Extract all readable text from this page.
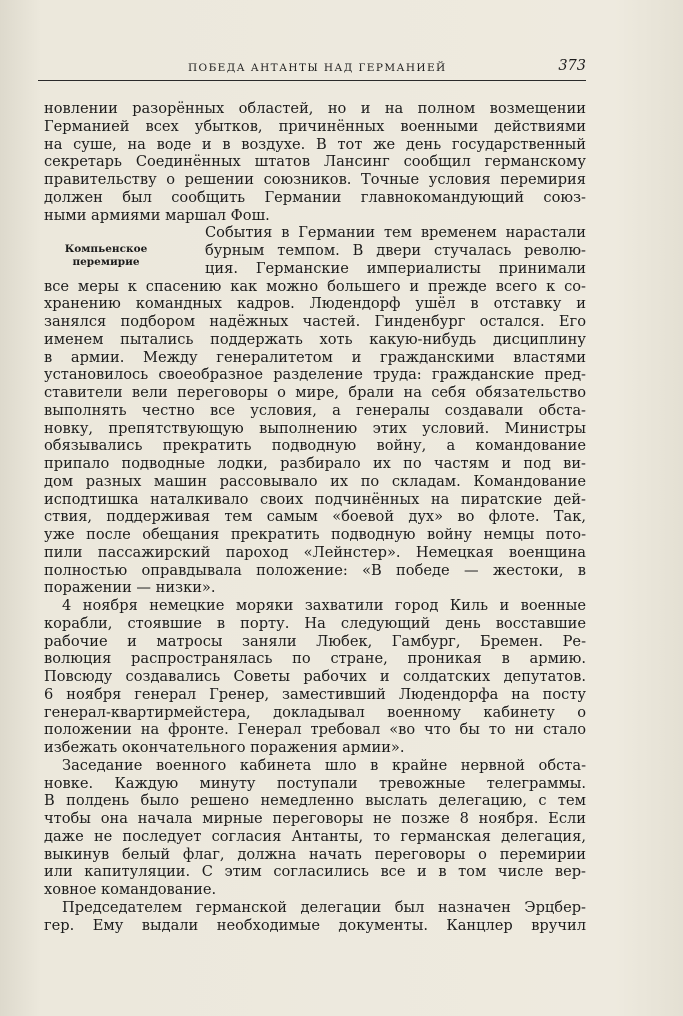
ПОБЕДА АНТАНТЫ НАД ГЕРМАНИЕЙ	373
Компьенское
перемирие
новлении разорённых областей, но и на полном возмещении
Германией всех убытков, причинённых военными действиями
на суше, на воде и в воздухе. В тот же день государственный
секретарь Соединённых штатов Лансинг сообщил германскому
правительству о решении союзников. Точные условия перемирия
должен был сообщить Германии главнокомандующий союз-
ными армиями маршал Фош.
События в Германии тем временем нарастали
бурным темпом. В двери стучалась револю-
ция. Германские империалисты принимали
все меры к спасению как можно большего и прежде всего к со-
хранению командных кадров. Людендорф ушёл в отставку и
занялся подбором надёжных частей. Гинденбург остался. Его
именем пытались поддержать хоть какую-нибудь дисциплину
в армии. Между генералитетом и гражданскими властями
установилось своеобразное разделение труда: гражданские пред-
ставители вели переговоры о мире, брали на себя обязательство
выполнять честно все условия, а генералы создавали обста-
новку, препятствующую выполнению этих условий. Министры
обязывались прекратить подводную войну, а командование
припало подводные лодки, разбирало их по частям и под ви-
дом разных машин рассовывало их по складам. Командование
исподтишка наталкивало своих подчинённых на пиратские дей-
ствия, поддерживая тем самым «боевой дух» во флоте. Так,
уже после обещания прекратить подводную войну немцы пото-
пили пассажирский пароход «Лейнстер». Немецкая военщина
полностью оправдывала положение: «В победе — жестоки, в
поражении — низки».
4 ноября немецкие моряки захватили город Киль и военные
корабли, стоявшие в порту. На следующий день восставшие
рабочие и матросы заняли Любек, Гамбург, Бремен. Ре-
волюция распространялась по стране, проникая в армию.
Повсюду создавались Советы рабочих и солдатских депутатов.
6 ноября генерал Гренер, заместивший Людендорфа на посту
генерал-квартирмейстера, докладывал военному кабинету о
положении на фронте. Генерал требовал «во что бы то ни стало
избежать окончательного поражения армии».
Заседание военного кабинета шло в крайне нервной обста-
новке. Каждую минуту поступали тревожные телеграммы.
В полдень было решено немедленно выслать делегацию, с тем
чтобы она начала мирные переговоры не позже 8 ноября. Если
даже не последует согласия Антанты, то германская делегация,
выкинув белый флаг, должна начать переговоры о перемирии
или капитуляции. С этим согласились все и в том числе вер-
ховное командование.
Председателем германской делегации был назначен Эрцбер-
гер. Ему выдали необходимые документы. Канцлер вручил
